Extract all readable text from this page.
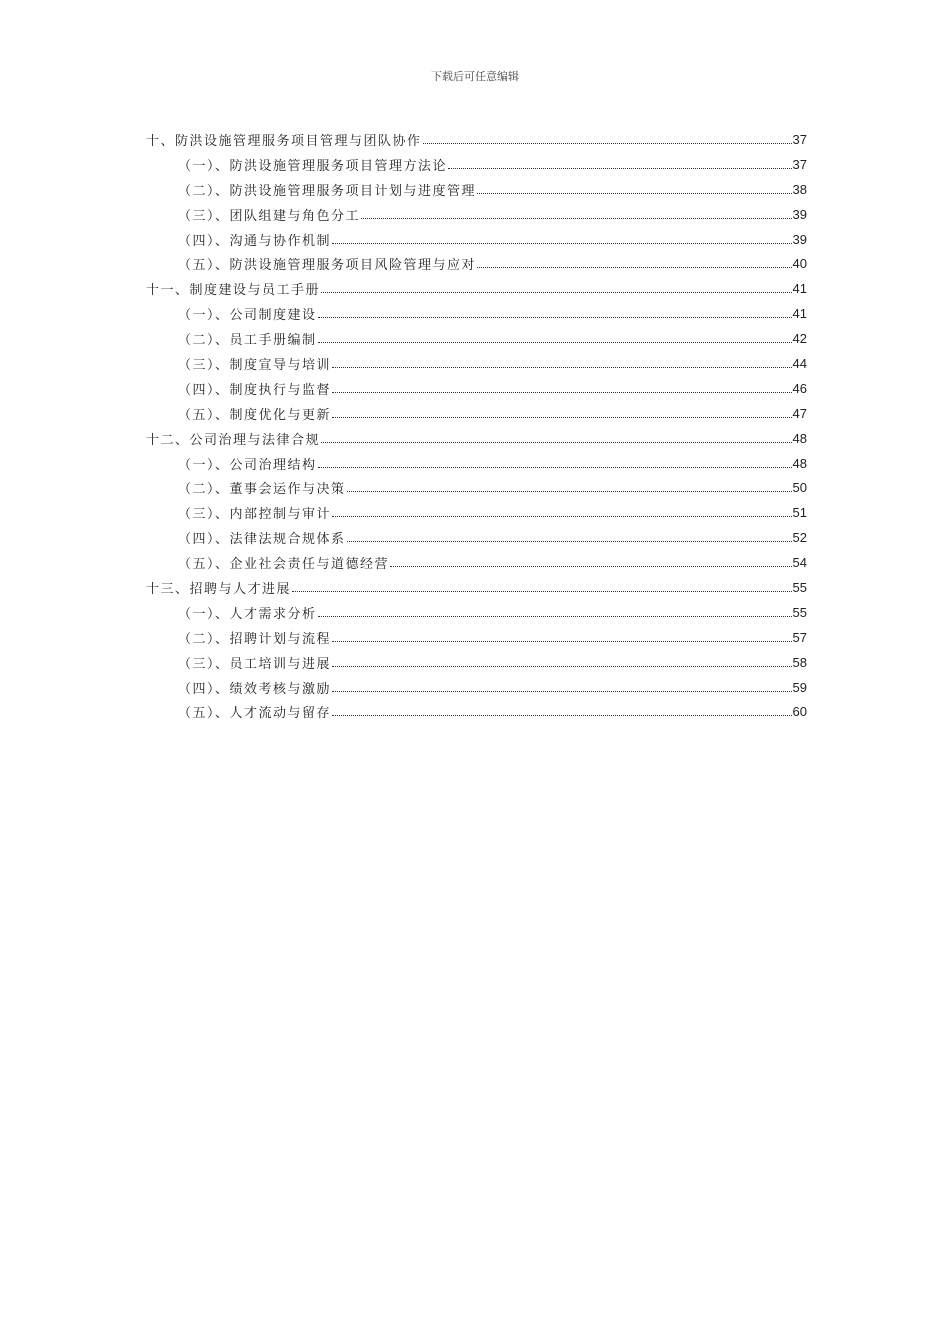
下载后可任意编辑
十、防洪设施管理服务项目管理与团队协作	37
（一）、防洪设施管理服务项目管理方法论	37
（二）、防洪设施管理服务项目计划与进度管理	38
（三）、团队组建与角色分工	39
（四）、沟通与协作机制	39
（五）、防洪设施管理服务项目风险管理与应对	40
十一、制度建设与员工手册	41
（一）、公司制度建设	41
（二）、员工手册编制	42
（三）、制度宣导与培训	44
（四）、制度执行与监督	46
（五）、制度优化与更新	47
十二、公司治理与法律合规	48
（一）、公司治理结构	48
（二）、董事会运作与决策	50
（三）、内部控制与审计	51
（四）、法律法规合规体系	52
（五）、企业社会责任与道德经营	54
十三、招聘与人才进展	55
（一）、人才需求分析	55
（二）、招聘计划与流程	57
（三）、员工培训与进展	58
（四）、绩效考核与激励	59
（五）、人才流动与留存	60
